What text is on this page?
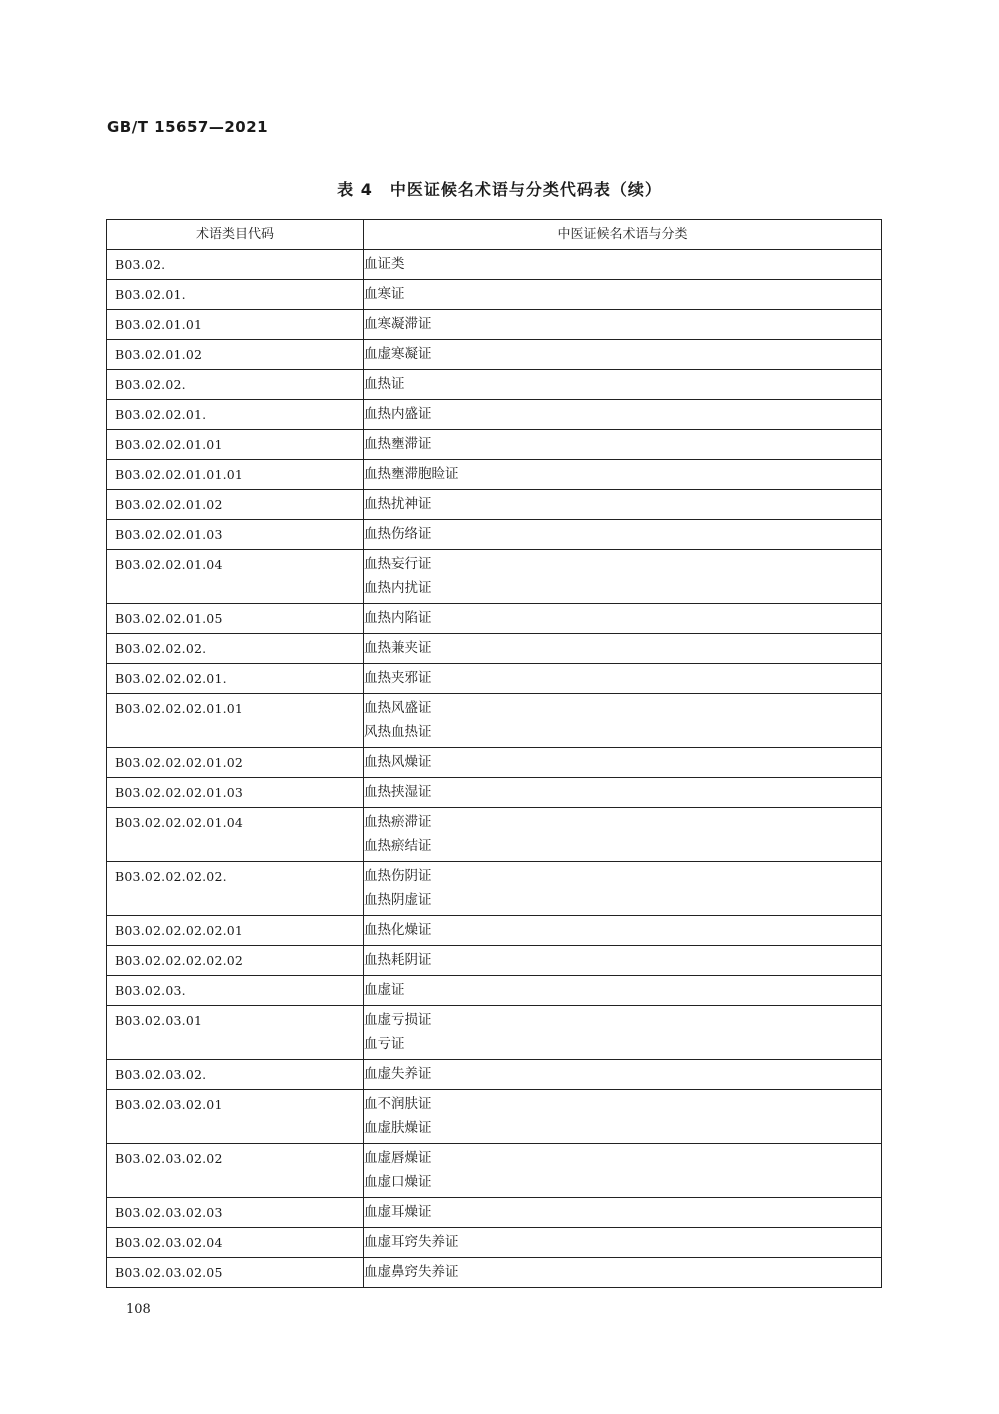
GB/T 15657—2021
表 4　中医证候名术语与分类代码表（续）
术语类目代码	中医证候名术语与分类

B03.02.	血证类

B03.02.01.	血寒证

B03.02.01.01	血寒凝滞证

B03.02.01.02	血虚寒凝证

B03.02.02.	血热证

B03.02.02.01.	血热内盛证

B03.02.02.01.01	血热壅滞证

B03.02.02.01.01.01	血热壅滞胞睑证

B03.02.02.01.02	血热扰神证

B03.02.02.01.03	血热伤络证

B03.02.02.01.04	血热妄行证
血热内扰证

B03.02.02.01.05	血热内陷证

B03.02.02.02.	血热兼夹证

B03.02.02.02.01.	血热夹邪证

B03.02.02.02.01.01	血热风盛证
风热血热证

B03.02.02.02.01.02	血热风燥证

B03.02.02.02.01.03	血热挟湿证

B03.02.02.02.01.04	血热瘀滞证
血热瘀结证

B03.02.02.02.02.	血热伤阴证
血热阴虚证

B03.02.02.02.02.01	血热化燥证

B03.02.02.02.02.02	血热耗阴证

B03.02.03.	血虚证

B03.02.03.01	血虚亏损证
血亏证

B03.02.03.02.	血虚失养证

B03.02.03.02.01	血不润肤证
血虚肤燥证

B03.02.03.02.02	血虚唇燥证
血虚口燥证

B03.02.03.02.03	血虚耳燥证

B03.02.03.02.04	血虚耳窍失养证

B03.02.03.02.05	血虚鼻窍失养证
108
